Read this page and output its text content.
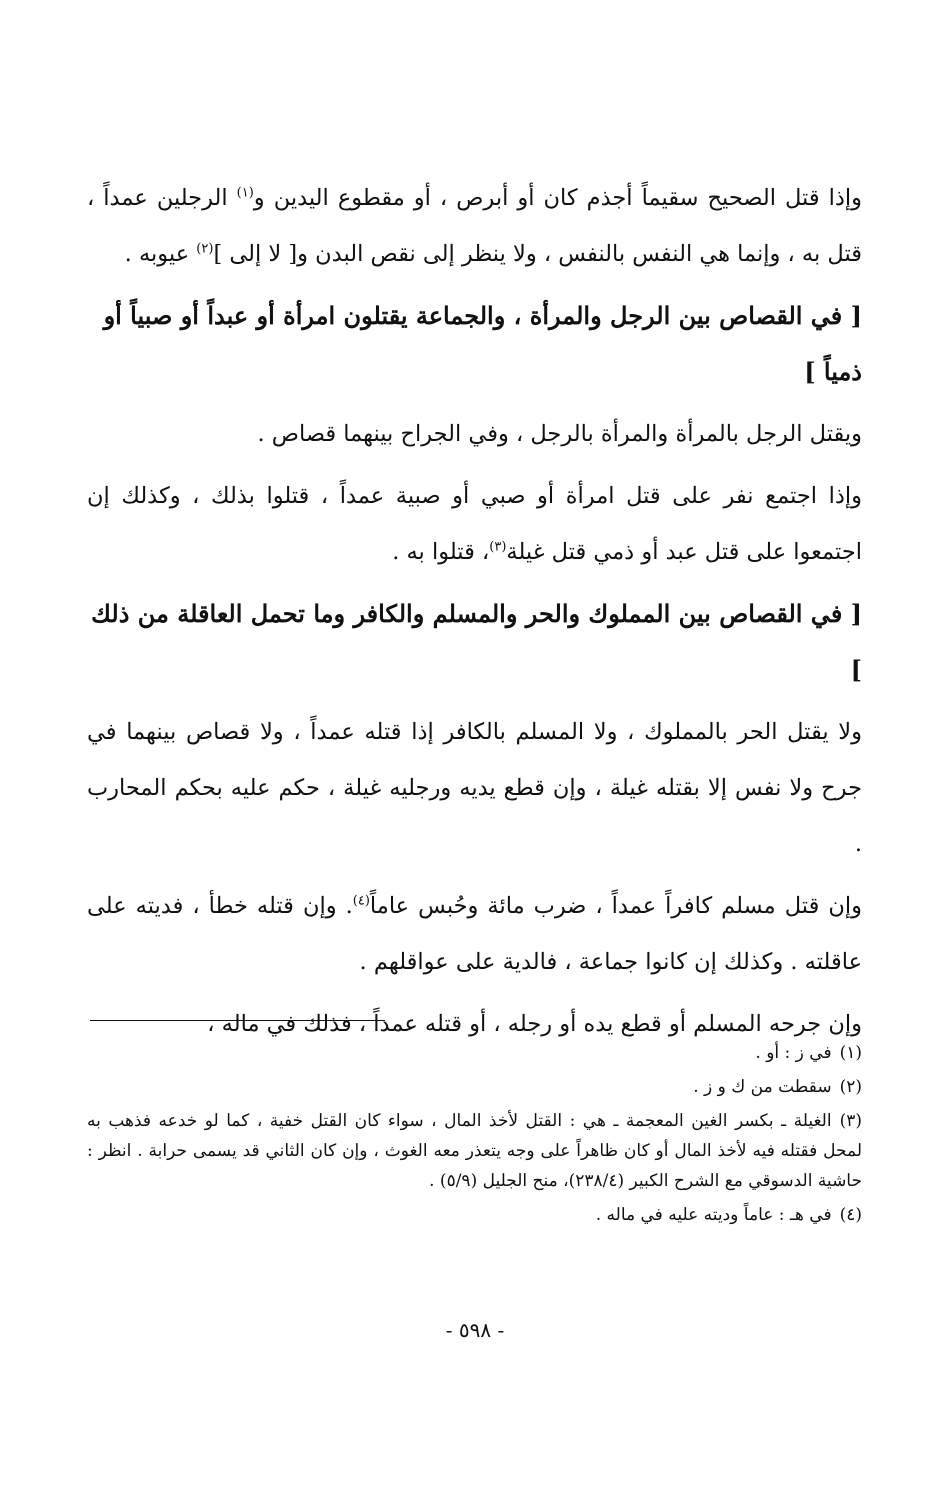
وإذا قتل الصحيح سقيماً أجذم كان أو أبرص ، أو مقطوع اليدين و$^{(١)}$ الرجلين عمداً ، قتل به ، وإنما هي النفس بالنفس ، ولا ينظر إلى نقص البدن و[ لا إلى ]$^{(٢)}$ عيوبه .

[ في القصاص بين الرجل والمرأة ، والجماعة يقتلون امرأة أو عبداً أو صبياً أو ذمياً ]

ويقتل الرجل بالمرأة والمرأة بالرجل ، وفي الجراح بينهما قصاص .

وإذا اجتمع نفر على قتل امرأة أو صبي أو صبية عمداً ، قتلوا بذلك ، وكذلك إن اجتمعوا على قتل عبد أو ذمي قتل غيلة$^{(٣)}$، قتلوا به .

[ في القصاص بين المملوك والحر والمسلم والكافر وما تحمل العاقلة من ذلك ]

ولا يقتل الحر بالمملوك ، ولا المسلم بالكافر إذا قتله عمداً ، ولا قصاص بينهما في جرح ولا نفس إلا بقتله غيلة ، وإن قطع يديه ورجليه غيلة ، حكم عليه بحكم المحارب .

وإن قتل مسلم كافراً عمداً ، ضرب مائة وحُبس عاماً$^{(٤)}$. وإن قتله خطأ ، فديته على عاقلته . وكذلك إن كانوا جماعة ، فالدية على عواقلهم .

وإن جرحه المسلم أو قطع يده أو رجله ، أو قتله عمداً ، فذلك في ماله ،

(١)في ز : أو .

(٢)سقطت من ك و ز .

(٣)الغيلة ـ بكسر الغين المعجمة ـ هي : القتل لأخذ المال ، سواء كان القتل خفية ، كما لو خدعه فذهب به لمحل فقتله فيه لأخذ المال أو كان ظاهراً على وجه يتعذر معه الغوث ، وإن كان الثاني قد يسمى حرابة . انظر : حاشية الدسوقي مع الشرح الكبير (٢٣٨/٤)، منح الجليل (٥/٩) .

(٤)في هـ : عاماً وديته عليه في ماله .

- ٥٩٨ -
